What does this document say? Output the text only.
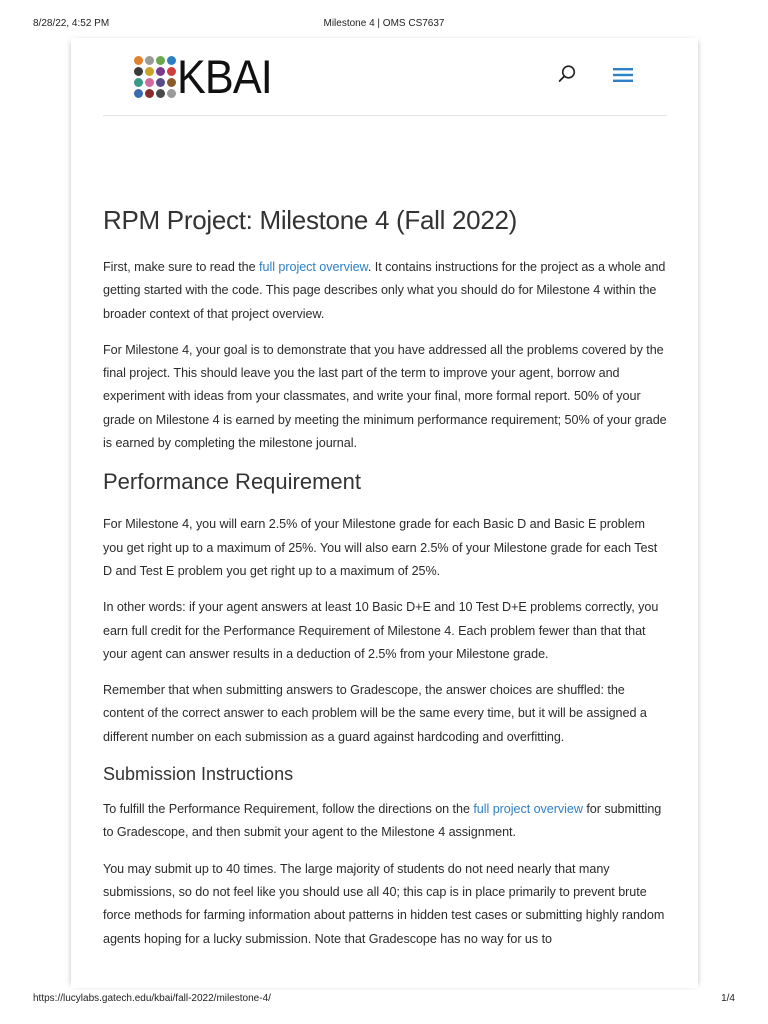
8/28/22, 4:52 PM	Milestone 4 | OMS CS7637
KBAI
RPM Project: Milestone 4 (Fall 2022)

First, make sure to read the full project overview. It contains instructions for the project as a whole and getting started with the code. This page describes only what you should do for Milestone 4 within the broader context of that project overview.

For Milestone 4, your goal is to demonstrate that you have addressed all the problems covered by the final project. This should leave you the last part of the term to improve your agent, borrow and experiment with ideas from your classmates, and write your final, more formal report. 50% of your grade on Milestone 4 is earned by meeting the minimum performance requirement; 50% of your grade is earned by completing the milestone journal.

Performance Requirement

For Milestone 4, you will earn 2.5% of your Milestone grade for each Basic D and Basic E problem you get right up to a maximum of 25%. You will also earn 2.5% of your Milestone grade for each Test D and Test E problem you get right up to a maximum of 25%.

In other words: if your agent answers at least 10 Basic D+E and 10 Test D+E problems correctly, you earn full credit for the Performance Requirement of Milestone 4. Each problem fewer than that that your agent can answer results in a deduction of 2.5% from your Milestone grade.

Remember that when submitting answers to Gradescope, the answer choices are shuffled: the content of the correct answer to each problem will be the same every time, but it will be assigned a different number on each submission as a guard against hardcoding and overfitting.

Submission Instructions

To fulfill the Performance Requirement, follow the directions on the full project overview for submitting to Gradescope, and then submit your agent to the Milestone 4 assignment.

You may submit up to 40 times. The large majority of students do not need nearly that many submissions, so do not feel like you should use all 40; this cap is in place primarily to prevent brute force methods for farming information about patterns in hidden test cases or submitting highly random agents hoping for a lucky submission. Note that Gradescope has no way for us to

https://lucylabs.gatech.edu/kbai/fall-2022/milestone-4/	1/4
